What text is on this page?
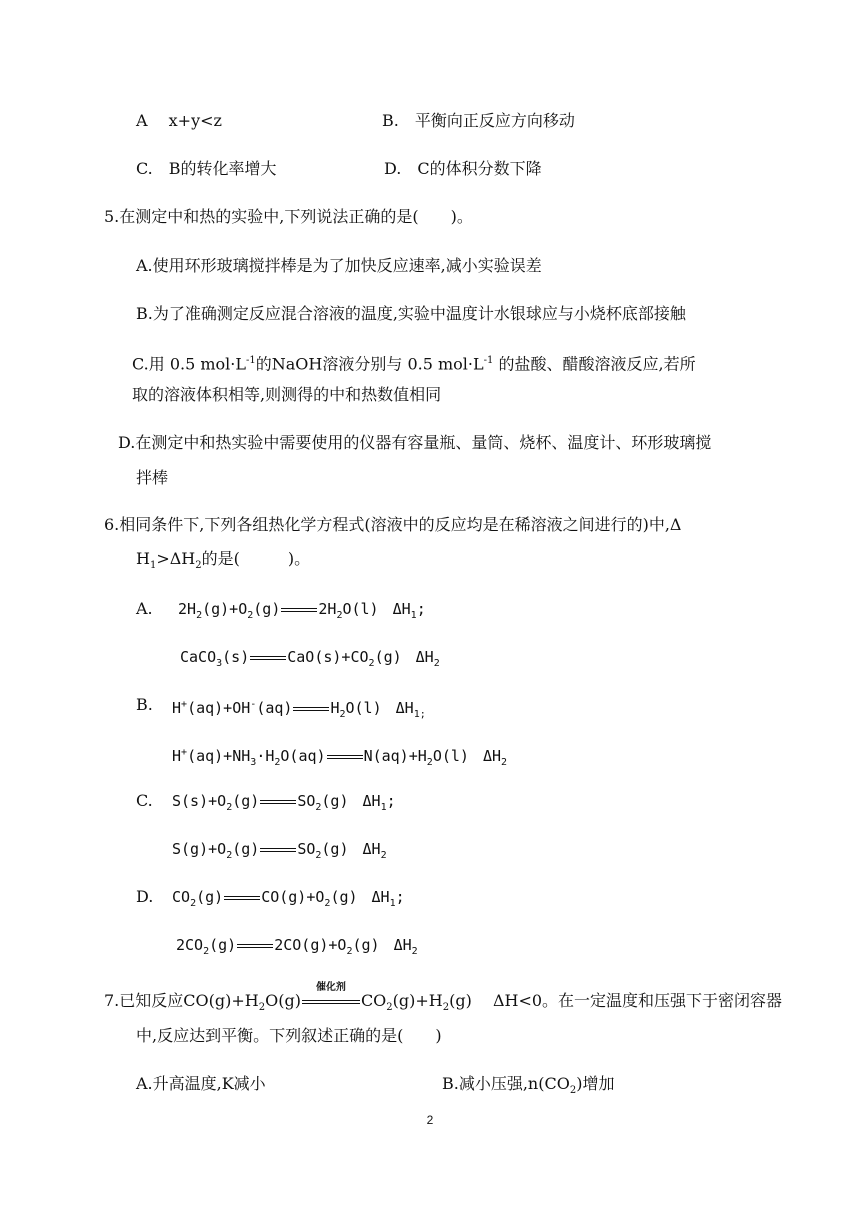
A　 x+y<z	B.　平衡向正反应方向移动
C.　B的转化率增大	D.　C的体积分数下降
5.在测定中和热的实验中,下列说法正确的是(　　)。
A.使用环形玻璃搅拌棒是为了加快反应速率,减小实验误差
B.为了准确测定反应混合溶液的温度,实验中温度计水银球应与小烧杯底部接触
C.用 0.5 $mol\cdot L^{-1}$的NaOH溶液分别与 0.5 $mol\cdot L^{-1}$ 的盐酸、醋酸溶液反应,若所
取的溶液体积相等,则测得的中和热数值相同
D.在测定中和热实验中需要使用的仪器有容量瓶、量筒、烧杯、温度计、环形玻璃搅
拌棒
6.相同条件下,下列各组热化学方程式(溶液中的反应均是在稀溶液之间进行的)中,Δ
$H_1>\Delta H_2$的是(　　　)。
A. $2H_2(g)+O_2(g)$	$2H_2O(l)$ $\Delta H_1$;
CaCO$_3$(s)	$CaO(s)+CO_2(g)$ $\Delta H_2$
B. H+(aq)+OH-(aq)	$H_2O(l)$ $\Delta H_{1;}$
$H^+(aq)+NH_3\cdot H_2O(aq)$	$N(aq)+H_2O(l)$ $\Delta H_2$
C. $S(s)+O_2(g)$	$SO_2(g)$ $\Delta H_1$;
$S(g)+O_2(g)$	$SO_2(g)$ $\Delta H_2$
D. $CO_2(g)$	$CO(g)+O_2(g)$ $\Delta H_1$;
$2CO_2(g)$	$2CO(g)+O_2(g)$ $\Delta H_2$
7.已知反应$CO(g)+H_2O(g)$
催化剂
$CO_2(g)+H_2(g)$　 ΔH<0。在一定温度和压强下于密闭容器
中,反应达到平衡。下列叙述正确的是(　　)
A.升高温度,K减小	B.减小压强$,n(CO_2)$增加
2
